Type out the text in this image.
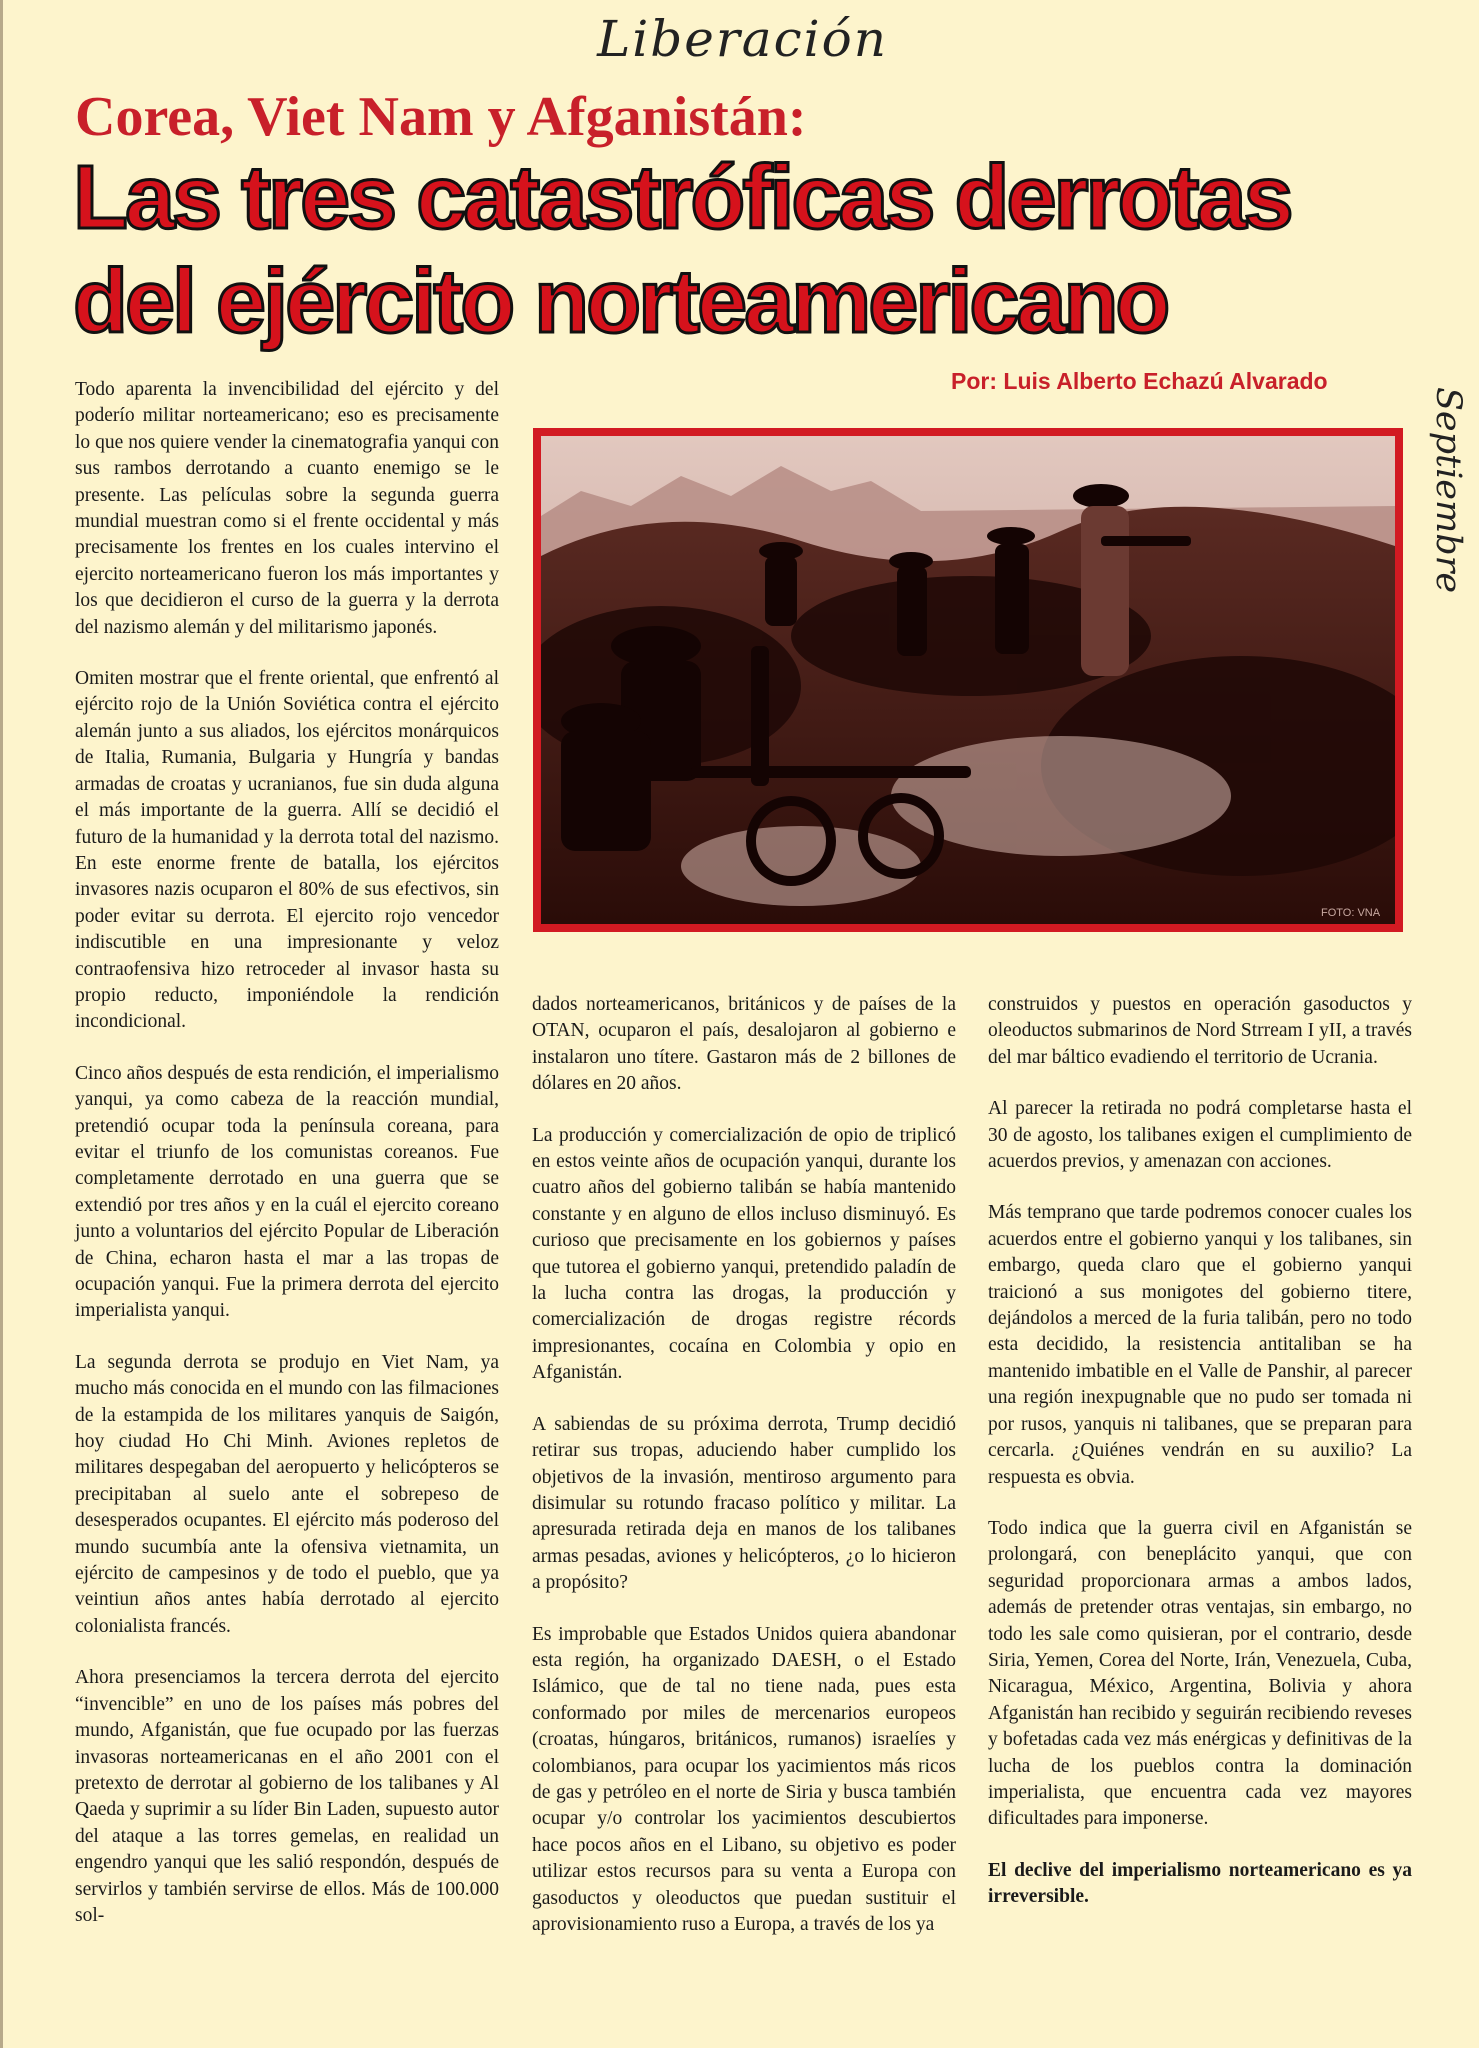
Liberación
Corea, Viet Nam y Afganistán:
Las tres catastróficas derrotas
del ejército norteamericano
Por: Luis Alberto Echazú Alvarado
Septiembre
FOTO: VNA

Todo aparenta la invencibilidad del ejército y del poderío militar norteamericano; eso es precisamente lo que nos quiere vender la cinematografia yanqui con sus rambos derrotando a cuanto enemigo se le presente. Las películas sobre la segunda guerra mundial muestran como si el frente occidental y más precisamente los frentes en los cuales intervino el ejercito norteamericano fueron los más importantes y los que decidieron el curso de la guerra y la derrota del nazismo alemán y del militarismo japonés.

Omiten mostrar que el frente oriental, que enfrentó al ejército rojo de la Unión Soviética contra el ejército alemán junto a sus aliados, los ejércitos monárquicos de Italia, Rumania, Bulgaria y Hungría y bandas armadas de croatas y ucranianos, fue sin duda alguna el más importante de la guerra. Allí se decidió el futuro de la humanidad y la derrota total del nazismo. En este enorme frente de batalla, los ejércitos invasores nazis ocuparon el 80% de sus efectivos, sin poder evitar su derrota. El ejercito rojo vencedor indiscutible en una impresionante y veloz contraofensiva hizo retroceder al invasor hasta su propio reducto, imponiéndole la rendición incondicional.

Cinco años después de esta rendición, el imperialismo yanqui, ya como cabeza de la reacción mundial, pretendió ocupar toda la península coreana, para evitar el triunfo de los comunistas coreanos. Fue completamente derrotado en una guerra que se extendió por tres años y en la cuál el ejercito coreano junto a voluntarios del ejército Popular de Liberación de China, echaron hasta el mar a las tropas de ocupación yanqui. Fue la primera derrota del ejercito imperialista yanqui.

La segunda derrota se produjo en Viet Nam, ya mucho más conocida en el mundo con las filmaciones de la estampida de los militares yanquis de Saigón, hoy ciudad Ho Chi Minh. Aviones repletos de militares despegaban del aeropuerto y helicópteros se precipitaban al suelo ante el sobrepeso de desesperados ocupantes. El ejército más poderoso del mundo sucumbía ante la ofensiva vietnamita, un ejército de campesinos y de todo el pueblo, que ya veintiun años antes había derrotado al ejercito colonialista francés.

Ahora presenciamos la tercera derrota del ejercito “invencible” en uno de los países más pobres del mundo, Afganistán, que fue ocupado por las fuerzas invasoras norteamericanas en el año 2001 con el pretexto de derrotar al gobierno de los talibanes y Al Qaeda y suprimir a su líder Bin Laden, supuesto autor del ataque a las torres gemelas, en realidad un engendro yanqui que les salió respondón, después de servirlos y también servirse de ellos. Más de 100.000 sol-

dados norteamericanos, británicos y de países de la OTAN, ocuparon el país, desalojaron al gobierno e instalaron uno títere. Gastaron más de 2 billones de dólares en 20 años.

La producción y comercialización de opio de triplicó en estos veinte años de ocupación yanqui, durante los cuatro años del gobierno talibán se había mantenido constante y en alguno de ellos incluso disminuyó. Es curioso que precisamente en los gobiernos y países que tutorea el gobierno yanqui, pretendido paladín de la lucha contra las drogas, la producción y comercialización de drogas registre récords impresionantes, cocaína en Colombia y opio en Afganistán.

A sabiendas de su próxima derrota, Trump decidió retirar sus tropas, aduciendo haber cumplido los objetivos de la invasión, mentiroso argumento para disimular su rotundo fracaso político y militar. La apresurada retirada deja en manos de los talibanes armas pesadas, aviones y helicópteros, ¿o lo hicieron a propósito?

Es improbable que Estados Unidos quiera abandonar esta región, ha organizado DAESH, o el Estado Islámico, que de tal no tiene nada, pues esta conformado por miles de mercenarios europeos (croatas, húngaros, británicos, rumanos) israelíes y colombianos, para ocupar los yacimientos más ricos de gas y petróleo en el norte de Siria y busca también ocupar y/o controlar los yacimientos descubiertos hace pocos años en el Libano, su objetivo es poder utilizar estos recursos para su venta a Europa con gasoductos y oleoductos que puedan sustituir el aprovisionamiento ruso a Europa, a través de los ya

construidos y puestos en operación gasoductos y oleoductos submarinos de Nord Strream I yII, a través del mar báltico evadiendo el territorio de Ucrania.

Al parecer la retirada no podrá completarse hasta el 30 de agosto, los talibanes exigen el cumplimiento de acuerdos previos, y amenazan con acciones.

Más temprano que tarde podremos conocer cuales los acuerdos entre el gobierno yanqui y los talibanes, sin embargo, queda claro que el gobierno yanqui traicionó a sus monigotes del gobierno titere, dejándolos a merced de la furia talibán, pero no todo esta decidido, la resistencia antitaliban se ha mantenido imbatible en el Valle de Panshir, al parecer una región inexpugnable que no pudo ser tomada ni por rusos, yanquis ni talibanes, que se preparan para cercarla. ¿Quiénes vendrán en su auxilio? La respuesta es obvia.

Todo indica que la guerra civil en Afganistán se prolongará, con beneplácito yanqui, que con seguridad proporcionara armas a ambos lados, además de pretender otras ventajas, sin embargo, no todo les sale como quisieran, por el contrario, desde Siria, Yemen, Corea del Norte, Irán, Venezuela, Cuba, Nicaragua, México, Argentina, Bolivia y ahora Afganistán han recibido y seguirán recibiendo reveses y bofetadas cada vez más enérgicas y definitivas de la lucha de los pueblos contra la dominación imperialista, que encuentra cada vez mayores dificultades para imponerse.

El declive del imperialismo norteamericano es ya irreversible.
